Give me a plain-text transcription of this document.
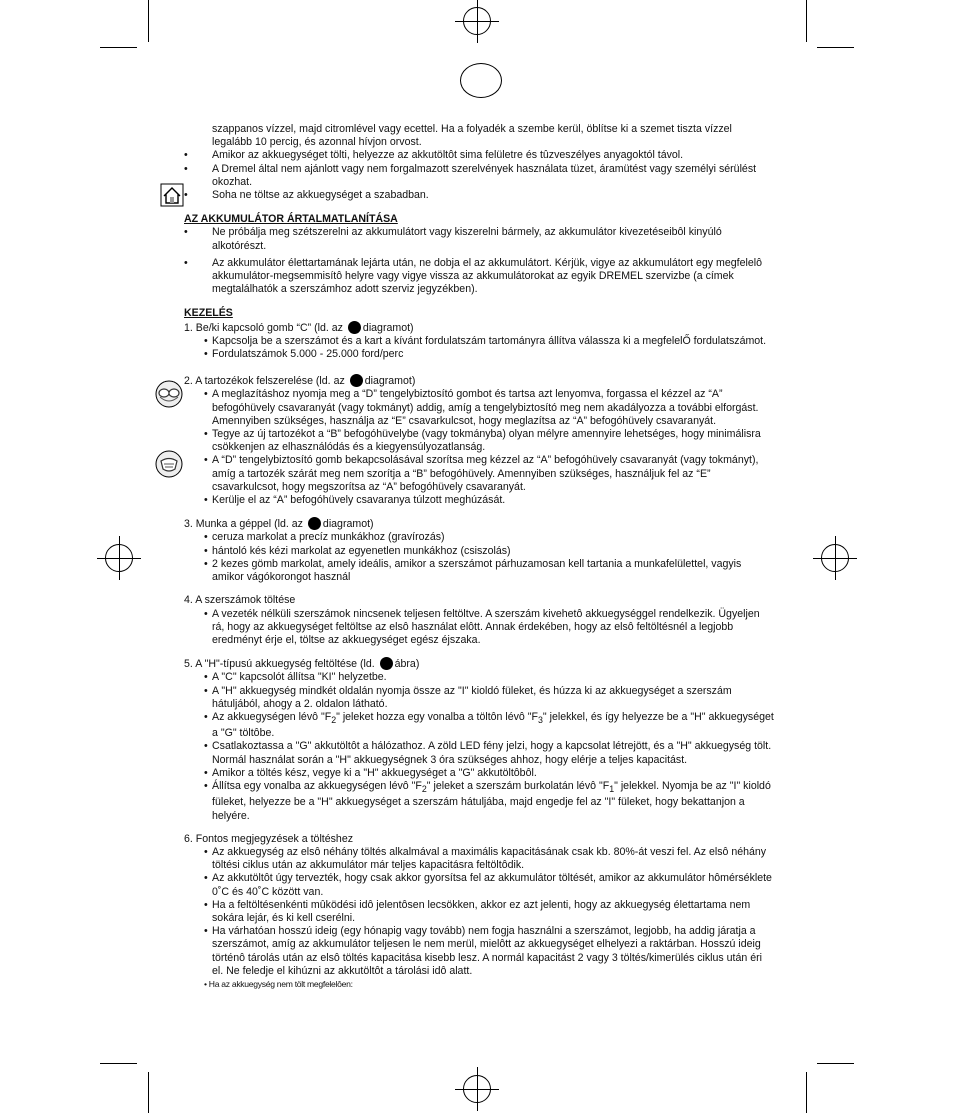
szappanos vízzel, majd citromlével vagy ecettel. Ha a folyadék a szembe kerül, öblítse ki a szemet tiszta vízzel legalább 10 percig, és azonnal hívjon orvost.
• Amikor az akkuegységet tölti, helyezze az akkutöltôt sima felületre és tûzveszélyes anyagoktól távol.
• A Dremel által nem ajánlott vagy nem forgalmazott szerelvények használata tüzet, áramütést vagy személyi sérülést okozhat.
• Soha ne töltse az akkuegységet a szabadban.
AZ AKKUMULÁTOR ÁRTALMATLANÍTÁSA
• Ne próbálja meg szétszerelni az akkumulátort vagy kiszerelni bármely, az akkumulátor kivezetéseibôl kinyúló alkotórészt.
• Az akkumulátor élettartamának lejárta után, ne dobja el az akkumulátort. Kérjük, vigye az akkumulátort egy megfelelô akkumulátor-megsemmisítô helyre vagy vigye vissza az akkumulátorokat az egyik DREMEL szervizbe (a címek megtalálhatók a szerszámhoz adott szerviz jegyzékben).
KEZELÉS
1. Be/ki kapcsoló gomb “C” (ld. az diagramot)
• Kapcsolja be a szerszámot és a kart a kívánt fordulatszám tartományra állítva válassza ki a megfelelŐ fordulatszámot.
• Fordulatszámok 5.000 - 25.000 ford/perc
2. A tartozékok felszerelése (ld. az diagramot)
• A meglazításhoz nyomja meg a “D” tengelybiztosító gombot és tartsa azt lenyomva, forgassa el kézzel az “A” befogóhüvely csavaranyát (vagy tokmányt) addig, amíg a tengelybiztosító meg nem akadályozza a további elforgást. Amennyiben szükséges, használja az “E” csavarkulcsot, hogy meglazítsa az “A” befogóhüvely csavaranyát.
• Tegye az új tartozékot a “B” befogóhüvelybe (vagy tokmányba) olyan mélyre amennyire lehetséges, hogy minimálisra csökkenjen az elhasználódás és a kiegyensúlyozatlanság.
• A “D” tengelybiztosító gomb bekapcsolásával szorítsa meg kézzel az “A” befogóhüvely csavaranyát (vagy tokmányt), amíg a tartozék szárát meg nem szorítja a “B” befogóhüvely. Amennyiben szükséges, használjuk fel az “E” csavarkulcsot, hogy megszorítsa az “A” befogóhüvely csavaranyát.
• Kerülje el az “A” befogóhüvely csavaranya túlzott meghúzását.
3. Munka a géppel (ld. az diagramot)
• ceruza markolat a precíz munkákhoz (gravírozás)
• hántoló kés kézi markolat az egyenetlen munkákhoz (csiszolás)
• 2 kezes gömb markolat, amely ideális, amikor a szerszámot párhuzamosan kell tartania a munkafelülettel, vagyis amikor vágókorongot használ
4. A szerszámok töltése
• A vezeték nélküli szerszámok nincsenek teljesen feltöltve. A szerszám kivehetô akkuegységgel rendelkezik. Ügyeljen rá, hogy az akkuegységet feltöltse az elsô használat elôtt. Annak érdekében, hogy az elsô feltöltésnél a legjobb eredményt érje el, töltse az akkuegységet egész éjszaka.
5. A "H"-típusú akkuegység feltöltése (ld. ábra)
• A "C" kapcsolót állítsa "KI" helyzetbe.
• A "H" akkuegység mindkét oldalán nyomja össze az "I" kioldó füleket, és húzza ki az akkuegységet a szerszám hátuljából, ahogy a 2. oldalon látható.
• Az akkuegységen lévô "$F_2$" jeleket hozza egy vonalba a töltôn lévô "$F_3$" jelekkel, és így helyezze be a "H" akkuegységet a "G" töltôbe.
• Csatlakoztassa a "G" akkutöltôt a hálózathoz. A zöld LED fény jelzi, hogy a kapcsolat létrejött, és a "H" akkuegység tölt. Normál használat során a "H" akkuegységnek 3 óra szükséges ahhoz, hogy elérje a teljes kapacitást.
• Amikor a töltés kész, vegye ki a "H" akkuegységet a "G" akkutöltôbôl.
• Állítsa egy vonalba az akkuegységen lévô "$F_2$" jeleket a szerszám burkolatán lévô "$F_1$" jelekkel. Nyomja be az "I" kioldó füleket, helyezze be a "H" akkuegységet a szerszám hátuljába, majd engedje fel az "I" füleket, hogy bekattanjon a helyére.
6. Fontos megjegyzések a töltéshez
• Az akkuegység az elsô néhány töltés alkalmával a maximális kapacitásának csak kb. 80%-át veszi fel. Az elsô néhány töltési ciklus után az akkumulátor már teljes kapacitásra feltöltôdik.
• Az akkutöltôt úgy tervezték, hogy csak akkor gyorsítsa fel az akkumulátor töltését, amikor az akkumulátor hômérséklete 0˚C és 40˚C között van.
• Ha a feltöltésenkénti mûködési idô jelentôsen lecsökken, akkor ez azt jelenti, hogy az akkuegység élettartama nem sokára lejár, és ki kell cserélni.
• Ha várhatóan hosszú ideig (egy hónapig vagy tovább) nem fogja használni a szerszámot, legjobb, ha addig járatja a szerszámot, amíg az akkumulátor teljesen le nem merül, mielôtt az akkuegységet elhelyezi a raktárban. Hosszú ideig történô tárolás után az elsô töltés kapacitása kisebb lesz. A normál kapacitást 2 vagy 3 töltés/kimerülés ciklus után éri el. Ne feledje el kihúzni az akkutöltôt a tárolási idô alatt.
• Ha az akkuegység nem tölt megfelelôen:
